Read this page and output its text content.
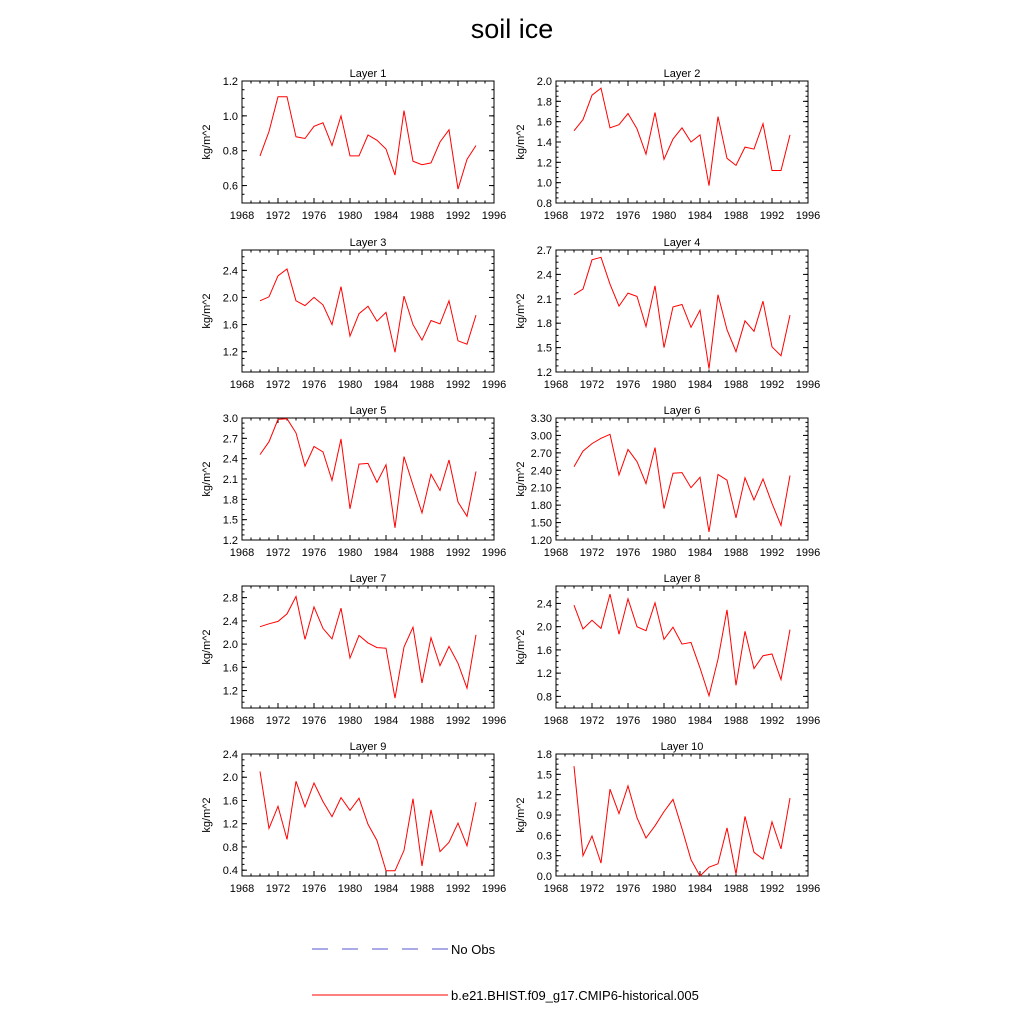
soil ice
Layer 1
kg/m^2
1968 1972 1976 1980 1984 1988 1992 1996
0.6
0.8
1.0
1.2
Layer 2
kg/m^2
1968 1972 1976 1980 1984 1988 1992 1996
0.8
1.0
1.2
1.4
1.6
1.8
2.0
Layer 3
kg/m^2
1968 1972 1976 1980 1984 1988 1992 1996
1.2
1.6
2.0
2.4
Layer 4
kg/m^2
1968 1972 1976 1980 1984 1988 1992 1996
1.2
1.5
1.8
2.1
2.4
2.7
Layer 5
kg/m^2
1968 1972 1976 1980 1984 1988 1992 1996
1.2
1.5
1.8
2.1
2.4
2.7
3.0
Layer 6
kg/m^2
1968 1972 1976 1980 1984 1988 1992 1996
1.20
1.50
1.80
2.10
2.40
2.70
3.00
3.30
Layer 7
kg/m^2
1968 1972 1976 1980 1984 1988 1992 1996
1.2
1.6
2.0
2.4
2.8
Layer 8
kg/m^2
1968 1972 1976 1980 1984 1988 1992 1996
0.8
1.2
1.6
2.0
2.4
Layer 9
kg/m^2
1968 1972 1976 1980 1984 1988 1992 1996
0.4
0.8
1.2
1.6
2.0
2.4
Layer 10
kg/m^2
1968 1972 1976 1980 1984 1988 1992 1996
0.0
0.3
0.6
0.9
1.2
1.5
1.8
No Obs
b.e21.BHIST.f09_g17.CMIP6-historical.005
